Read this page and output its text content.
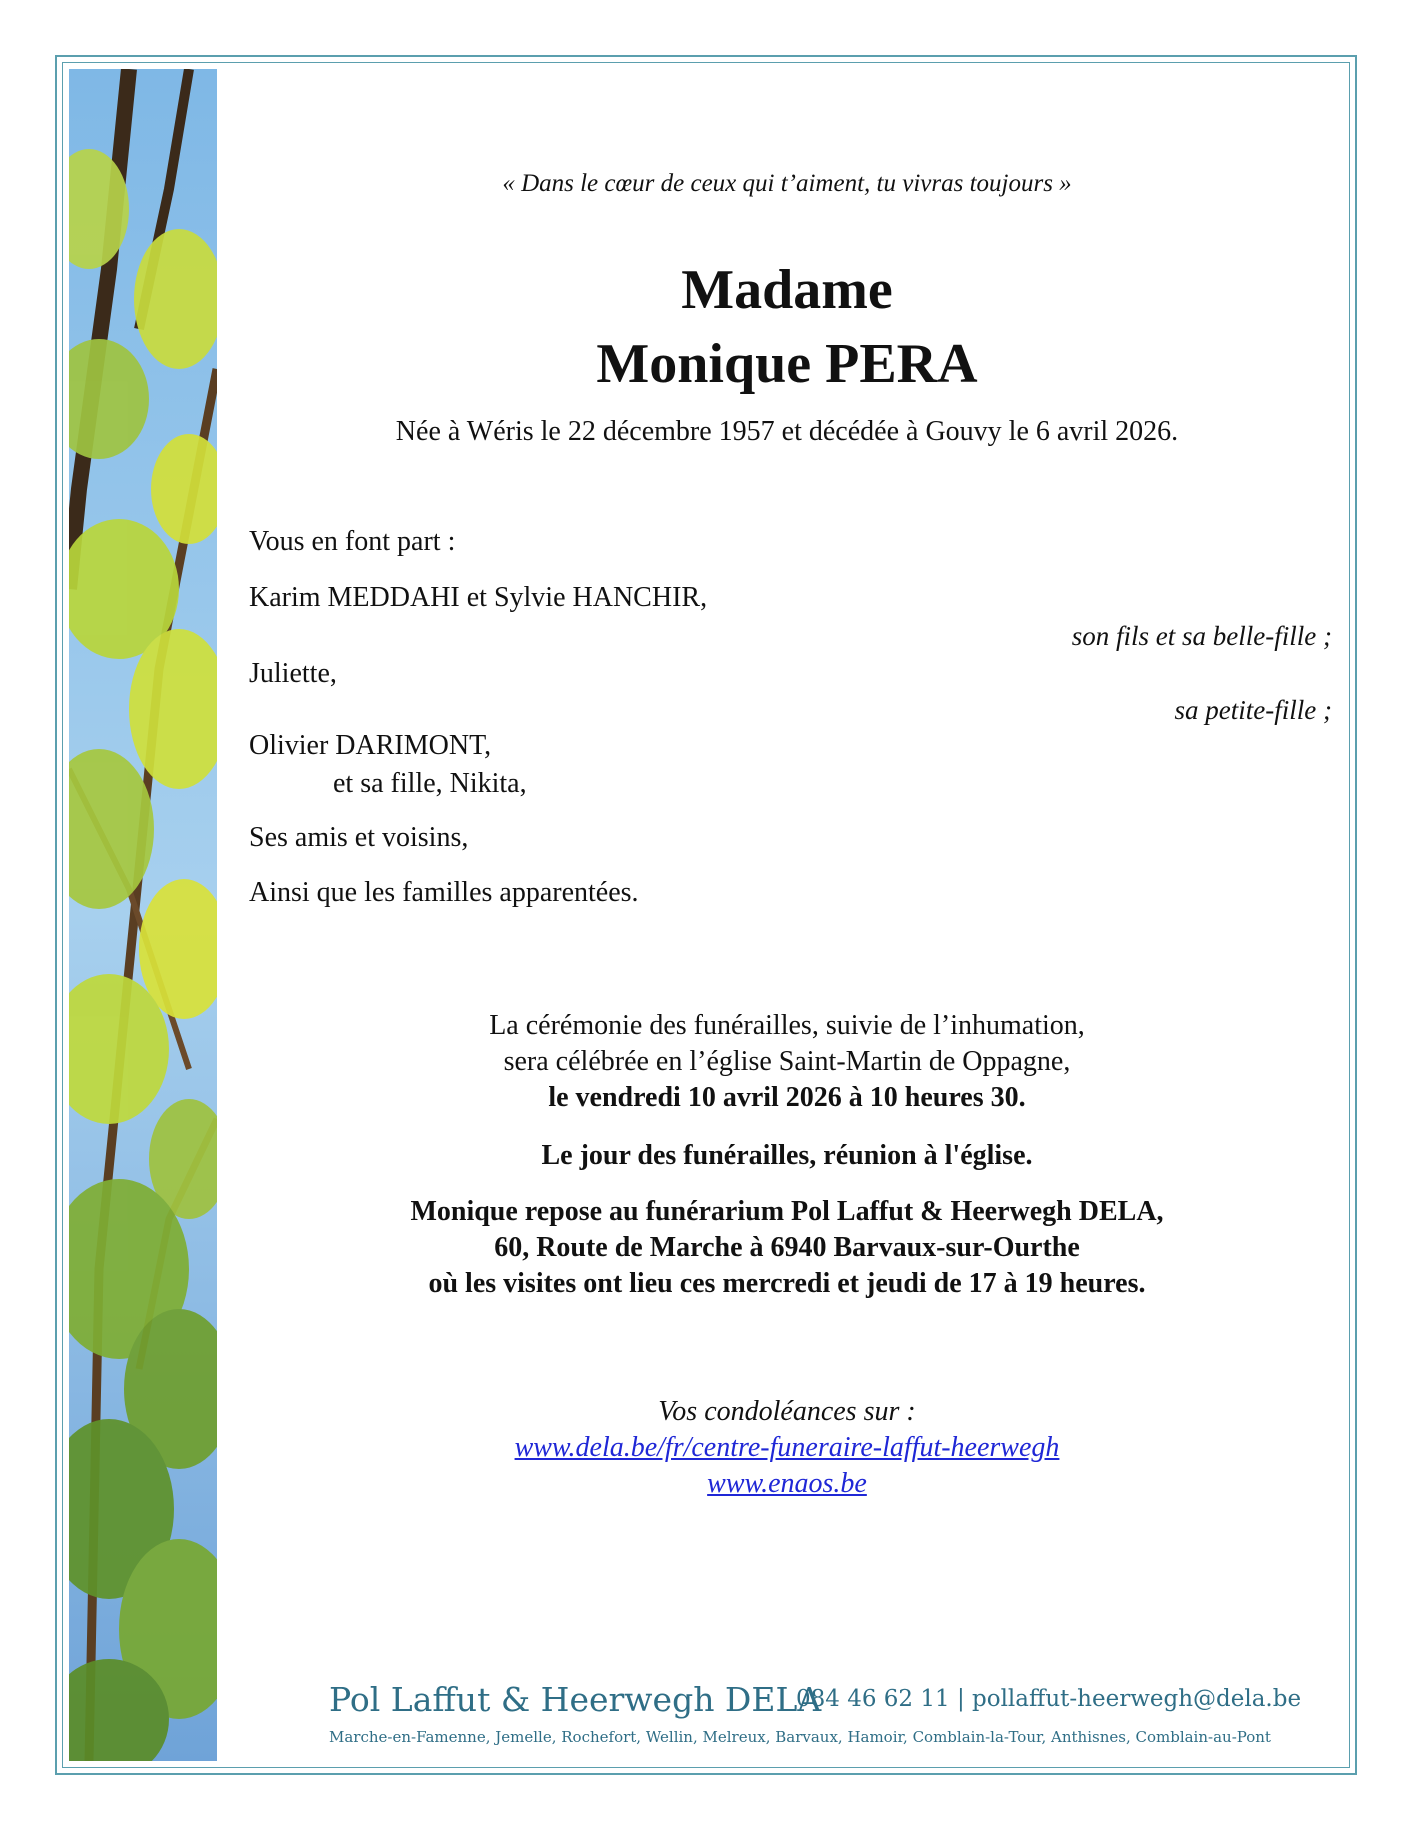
« Dans le cœur de ceux qui t’aiment, tu vivras toujours »
Madame
Monique PERA
Née à Wéris le 22 décembre 1957 et décédée à Gouvy le 6 avril 2026.
Vous en font part :
Karim MEDDAHI et Sylvie HANCHIR,
son fils et sa belle-fille ;
Juliette,
sa petite-fille ;
Olivier DARIMONT,
et sa fille, Nikita,
Ses amis et voisins,
Ainsi que les familles apparentées.
La cérémonie des funérailles, suivie de l’inhumation,
sera célébrée en l’église Saint-Martin de Oppagne,
le vendredi 10 avril 2026 à 10 heures 30.
Le jour des funérailles, réunion à l'église.
Monique repose au funérarium Pol Laffut & Heerwegh DELA,
60, Route de Marche à 6940 Barvaux-sur-Ourthe
où les visites ont lieu ces mercredi et jeudi de 17 à 19 heures.
Vos condoléances sur :
www.dela.be/fr/centre-funeraire-laffut-heerwegh
www.enaos.be
Pol Laffut & Heerwegh DELA
084 46 62 11 | pollaffut-heerwegh@dela.be
Marche-en-Famenne, Jemelle, Rochefort, Wellin, Melreux, Barvaux, Hamoir, Comblain-la-Tour, Anthisnes, Comblain-au-Pont
